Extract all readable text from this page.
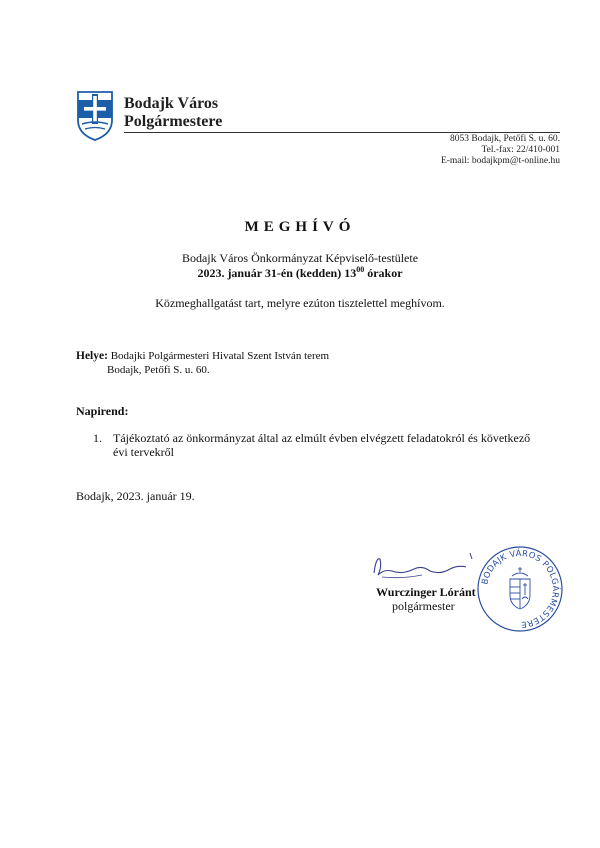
Bodajk Város
Polgármestere
8053 Bodajk, Petőfi S. u. 60.
Tel.-fax: 22/410-001
E-mail: bodajkpm@t-online.hu
MEGHÍVÓ
Bodajk Város Önkormányzat Képviselő-testülete
2023. január 31-én (kedden) $13^{00}$ órakor
Közmeghallgatást tart, melyre ezúton tisztelettel meghívom.
Helye: Bodajki Polgármesteri Hivatal Szent István terem
Bodajk, Petőfi S. u. 60.
Napirend:
1. Tájékoztató az önkormányzat által az elmúlt évben elvégzett feladatokról és következő évi tervekről
Bodajk, 2023. január 19.
Wurczinger Lóránt
polgármester
BODAJK VÁROS POLGÁRMESTERE
